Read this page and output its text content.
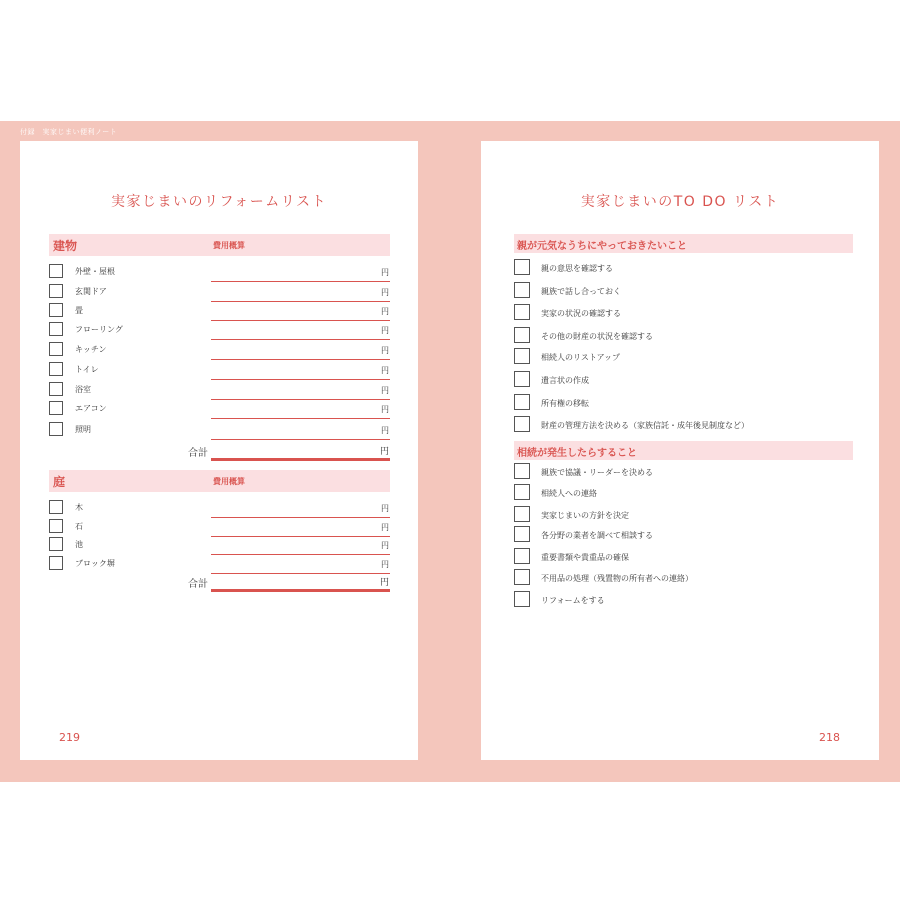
付録　実家じまい便利ノート
実家じまいのリフォームリスト
建物	費用概算
外壁・屋根	円
玄関ドア	円
畳	円
フローリング	円
キッチン	円
トイレ	円
浴室	円
エアコン	円
照明	円
合計	円
庭	費用概算
木	円
石	円
池	円
ブロック塀	円
合計	円
219
実家じまいのTO DO リスト
親が元気なうちにやっておきたいこと
親の意思を確認する
親族で話し合っておく
実家の状況の確認する
その他の財産の状況を確認する
相続人のリストアップ
遺言状の作成
所有権の移転
財産の管理方法を決める（家族信託・成年後見制度など）
相続が発生したらすること
親族で協議・リーダーを決める
相続人への連絡
実家じまいの方針を決定
各分野の業者を調べて相談する
重要書類や貴重品の確保
不用品の処理（残置物の所有者への連絡）
リフォームをする
218
